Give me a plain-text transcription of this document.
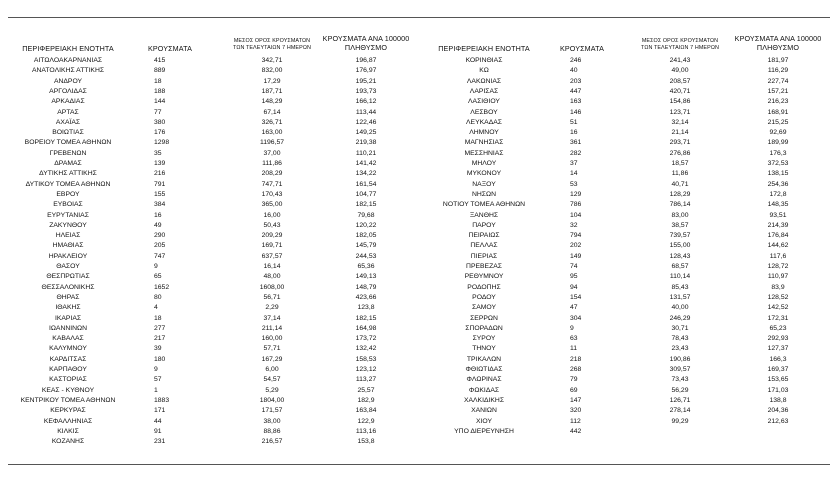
ΠΕΡΙΦΕΡΕΙΑΚΗ ΕΝΟΤΗΤΑ	ΚΡΟΥΣΜΑΤΑ
ΜΕΣΟΣ ΟΡΟΣ ΚΡΟΥΣΜΑΤΩΝ
ΤΩΝ ΤΕΛΕΥΤΑΙΩΝ 7 ΗΜΕΡΩΝ
ΚΡΟΥΣΜΑΤΑ ΑΝΑ 100000
ΠΛΗΘΥΣΜΟ	ΠΕΡΙΦΕΡΕΙΑΚΗ ΕΝΟΤΗΤΑ	ΚΡΟΥΣΜΑΤΑ
ΜΕΣΟΣ ΟΡΟΣ ΚΡΟΥΣΜΑΤΩΝ
ΤΩΝ ΤΕΛΕΥΤΑΙΩΝ 7 ΗΜΕΡΩΝ
ΚΡΟΥΣΜΑΤΑ ΑΝΑ 100000
ΠΛΗΘΥΣΜΟ
ΑΙΤΩΛΟΑΚΑΡΝΑΝΙΑΣ	415	342,71	196,87
ΑΝΑΤΟΛΙΚΗΣ ΑΤΤΙΚΗΣ	889	832,00	176,97
ΑΝΔΡΟΥ	18	17,29	195,21
ΑΡΓΟΛΙΔΑΣ	188	187,71	193,73
ΑΡΚΑΔΙΑΣ	144	148,29	166,12
ΑΡΤΑΣ	77	67,14	113,44
ΑΧΑΪΑΣ	380	326,71	122,46
ΒΟΙΩΤΙΑΣ	176	163,00	149,25
ΒΟΡΕΙΟΥ ΤΟΜΕΑ ΑΘΗΝΩΝ	1298	1196,57	219,38
ΓΡΕΒΕΝΩΝ	35	37,00	110,21
ΔΡΑΜΑΣ	139	111,86	141,42
ΔΥΤΙΚΗΣ ΑΤΤΙΚΗΣ	216	208,29	134,22
ΔΥΤΙΚΟΥ ΤΟΜΕΑ ΑΘΗΝΩΝ	791	747,71	161,54
ΕΒΡΟΥ	155	170,43	104,77
ΕΥΒΟΙΑΣ	384	365,00	182,15
ΕΥΡΥΤΑΝΙΑΣ	16	16,00	79,68
ΖΑΚΥΝΘΟΥ	49	50,43	120,22
ΗΛΕΙΑΣ	290	209,29	182,05
ΗΜΑΘΙΑΣ	205	169,71	145,79
ΗΡΑΚΛΕΙΟΥ	747	637,57	244,53
ΘΑΣΟΥ	9	16,14	65,36
ΘΕΣΠΡΩΤΙΑΣ	65	48,00	149,13
ΘΕΣΣΑΛΟΝΙΚΗΣ	1652	1608,00	148,79
ΘΗΡΑΣ	80	56,71	423,66
ΙΘΑΚΗΣ	4	2,29	123,8
ΙΚΑΡΙΑΣ	18	37,14	182,15
ΙΩΑΝΝΙΝΩΝ	277	211,14	164,98
ΚΑΒΑΛΑΣ	217	160,00	173,72
ΚΑΛΥΜΝΟΥ	39	57,71	132,42
ΚΑΡΔΙΤΣΑΣ	180	167,29	158,53
ΚΑΡΠΑΘΟΥ	9	6,00	123,12
ΚΑΣΤΟΡΙΑΣ	57	54,57	113,27
ΚΕΑΣ - ΚΥΘΝΟΥ	1	5,29	25,57
ΚΕΝΤΡΙΚΟΥ ΤΟΜΕΑ ΑΘΗΝΩΝ	1883	1804,00	182,9
ΚΕΡΚΥΡΑΣ	171	171,57	163,84
ΚΕΦΑΛΛΗΝΙΑΣ	44	38,00	122,9
ΚΙΛΚΙΣ	91	88,86	113,16
ΚΟΖΑΝΗΣ	231	216,57	153,8
ΚΟΡΙΝΘΙΑΣ	246	241,43	181,97
ΚΩ	40	49,00	116,29
ΛΑΚΩΝΙΑΣ	203	208,57	227,74
ΛΑΡΙΣΑΣ	447	420,71	157,21
ΛΑΣΙΘΙΟΥ	163	154,86	216,23
ΛΕΣΒΟΥ	146	123,71	168,91
ΛΕΥΚΑΔΑΣ	51	32,14	215,25
ΛΗΜΝΟΥ	16	21,14	92,69
ΜΑΓΝΗΣΙΑΣ	361	293,71	189,99
ΜΕΣΣΗΝΙΑΣ	282	276,86	176,3
ΜΗΛΟΥ	37	18,57	372,53
ΜΥΚΟΝΟΥ	14	11,86	138,15
ΝΑΞΟΥ	53	40,71	254,36
ΝΗΣΩΝ	129	128,29	172,8
ΝΟΤΙΟΥ ΤΟΜΕΑ ΑΘΗΝΩΝ	786	786,14	148,35
ΞΑΝΘΗΣ	104	83,00	93,51
ΠΑΡΟΥ	32	38,57	214,39
ΠΕΙΡΑΙΩΣ	794	739,57	176,84
ΠΕΛΛΑΣ	202	155,00	144,62
ΠΙΕΡΙΑΣ	149	128,43	117,6
ΠΡΕΒΕΖΑΣ	74	68,57	128,72
ΡΕΘΥΜΝΟΥ	95	110,14	110,97
ΡΟΔΟΠΗΣ	94	85,43	83,9
ΡΟΔΟΥ	154	131,57	128,52
ΣΑΜΟΥ	47	40,00	142,52
ΣΕΡΡΩΝ	304	246,29	172,31
ΣΠΟΡΑΔΩΝ	9	30,71	65,23
ΣΥΡΟΥ	63	78,43	292,93
ΤΗΝΟΥ	11	23,43	127,37
ΤΡΙΚΑΛΩΝ	218	190,86	166,3
ΦΘΙΩΤΙΔΑΣ	268	309,57	169,37
ΦΛΩΡΙΝΑΣ	79	73,43	153,65
ΦΩΚΙΔΑΣ	69	56,29	171,03
ΧΑΛΚΙΔΙΚΗΣ	147	126,71	138,8
ΧΑΝΙΩΝ	320	278,14	204,36
ΧΙΟΥ	112	99,29	212,63
ΥΠΟ ΔΙΕΡΕΥΝΗΣΗ	442
